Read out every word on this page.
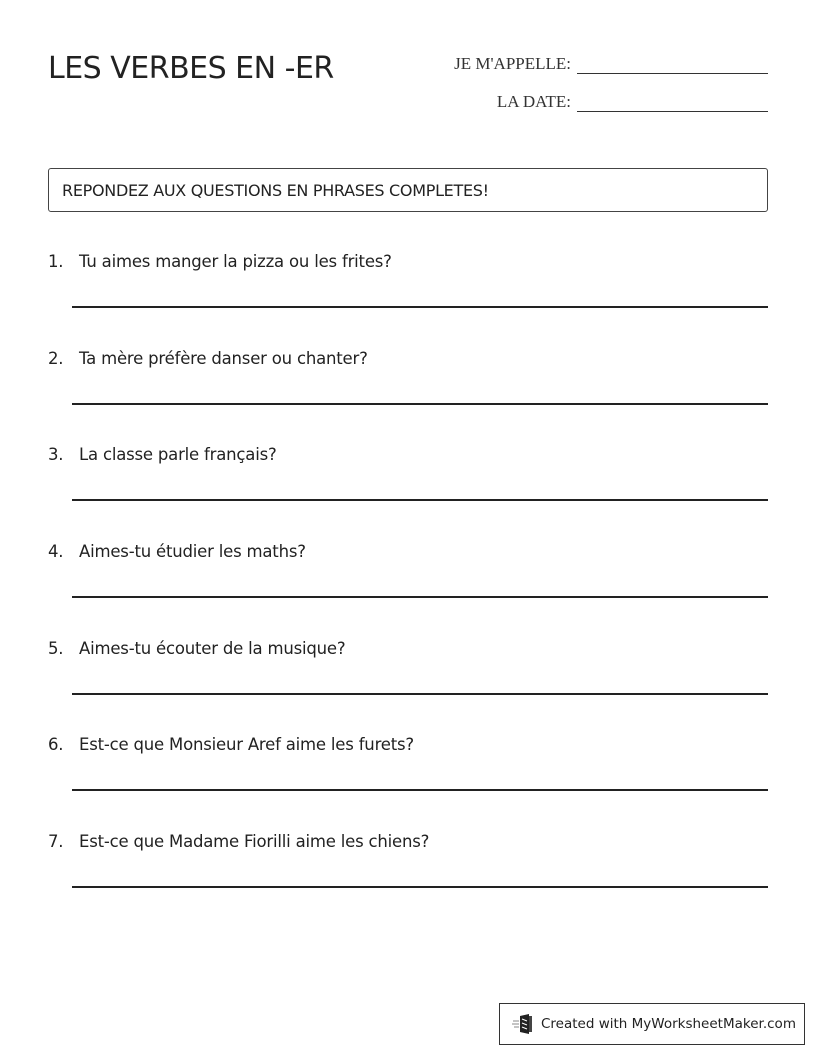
LES VERBES EN -ER	JE M'APPELLE:
LA DATE:
REPONDEZ AUX QUESTIONS EN PHRASES COMPLETES!
1. Tu aimes manger la pizza ou les frites?
2. Ta mère préfère danser ou chanter?
3. La classe parle français?
4. Aimes-tu étudier les maths?
5. Aimes-tu écouter de la musique?
6. Est-ce que Monsieur Aref aime les furets?
7. Est-ce que Madame Fiorilli aime les chiens?
Created with MyWorksheetMaker.com
